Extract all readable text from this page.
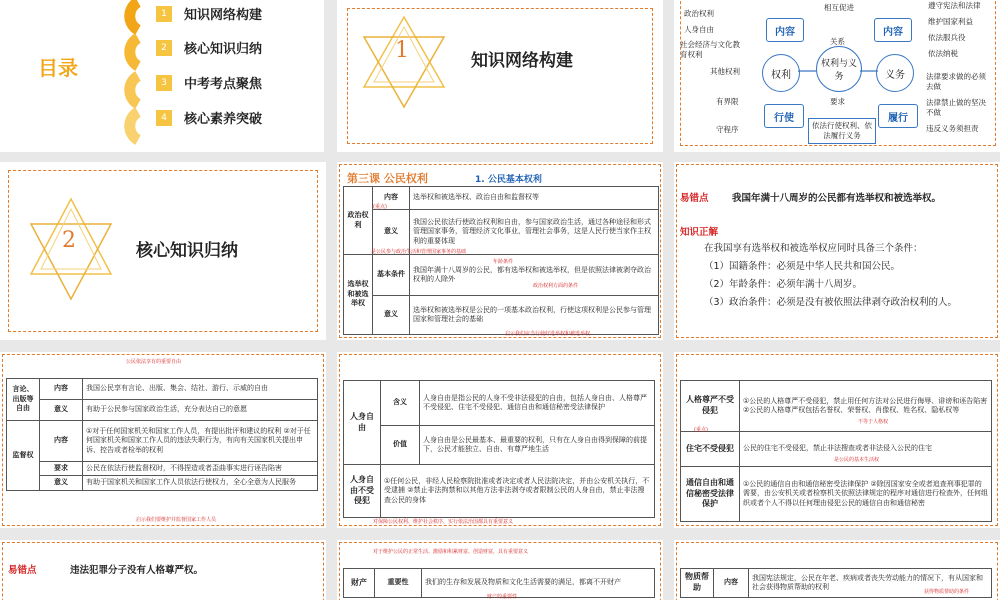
目录
1	知识网络构建
2	核心知识归纳
3	中考考点聚焦
4	核心素养突破
1	知识网络构建
相互促进
政治权利
人身自由
社会经济与文化教育权利
其他权利
遵守宪法和法律
维护国家利益
依法服兵役
依法纳税
内容	内容
关系
权利	义务
权利与义务
要求
有界限
守程序
行使	履行
依法行使权利、依法履行义务
法律要求做的必须去做
法律禁止做的坚决不做
违反义务须担责
2	核心知识归纳
第三课 公民权利	1. 公民基本权利
政治权利	内容	选举权和被选举权、政治自由和监督权等
	意义	我国公民依法行使政治权利和自由，参与国家政治生活，通过各种途径和形式管理国家事务，管理经济文化事业，管理社会事务，这是人民行使当家作主权利的重要体现
选举权和被选举权	基本条件	我国年满十八周岁的公民，都有选举权和被选举权，但是依照法律被剥夺政治权利的人除外
	意义	选举权和被选举权是公民的一项基本政治权利，行使这项权利是公民参与管理国家和管理社会的基础
(重点)
是公民参与政治生活和管理国家事务的基础
年龄条件
政治权利方面的条件
启示我们应当行使好选举权和被选举权
易错点 我国年满十八周岁的公民都有选举权和被选举权。
知识正解
在我国享有选举权和被选举权应同时具备三个条件：
（1）国籍条件：必须是中华人民共和国公民。
（2）年龄条件：必须年满十八周岁。
（3）政治条件：必须是没有被依照法律剥夺政治权利的人。
公民依法享有的重要自由
言论、出版等自由	内容	我国公民享有言论、出版、集会、结社、游行、示威的自由
	意义	有助于公民参与国家政治生活，充分表达自己的意愿
监督权	内容	①对于任何国家机关和国家工作人员，有提出批评和建议的权利 ②对于任何国家机关和国家工作人员的违法失职行为，有向有关国家机关提出申诉、控告或者检举的权利
	要求	公民在依法行使监督权时，不得捏造或者歪曲事实进行诬告陷害
	意义	有助于国家机关和国家工作人员依法行使权力，全心全意为人民服务
启示我们要维护并监督国家工作人员
人身自由	含义	人身自由是指公民的人身不受非法侵犯的自由，包括人身自由、人格尊严不受侵犯、住宅不受侵犯、通信自由和通信秘密受法律保护
	价值	人身自由是公民最基本、最重要的权利，只有在人身自由得到保障的前提下，公民才能独立、自由、有尊严地生活
人身自由不受侵犯	①任何公民，非经人民检察院批准或者决定或者人民法院决定，并由公安机关执行，不受逮捕 ②禁止非法拘禁和以其他方法非法剥夺或者限制公民的人身自由，禁止非法搜查公民的身体	
对保障公民权利、维护社会秩序、实行依法治国都具有重要意义
人格尊严不受侵犯	①公民的人格尊严不受侵犯，禁止用任何方法对公民进行侮辱、诽谤和诬告陷害 ②公民的人格尊严权包括名誉权、荣誉权、肖像权、姓名权、隐私权等
住宅不受侵犯	公民的住宅不受侵犯，禁止非法搜查或者非法侵入公民的住宅
通信自由和通信秘密受法律保护	①公民的通信自由和通信秘密受法律保护 ②除因国家安全或者追查刑事犯罪的需要，由公安机关或者检察机关依照法律规定的程序对通信进行检查外，任何组织或者个人不得以任何理由侵犯公民的通信自由和通信秘密
(重点)
不等于人格权
是公民的基本生活权
易错点	违法犯罪分子没有人格尊严权。
对于维护公民的正常生活、激励和积累财富、创造财富，具有重要意义
财产	重要性	我们的生存和发展及物质和文化生活需要的满足，都离不开财产
财产的重要性
物质帮助	内容	我国宪法规定，公民在年老、疾病或者丧失劳动能力的情况下，有从国家和社会获得物质帮助的权利
获得物质帮助的条件
